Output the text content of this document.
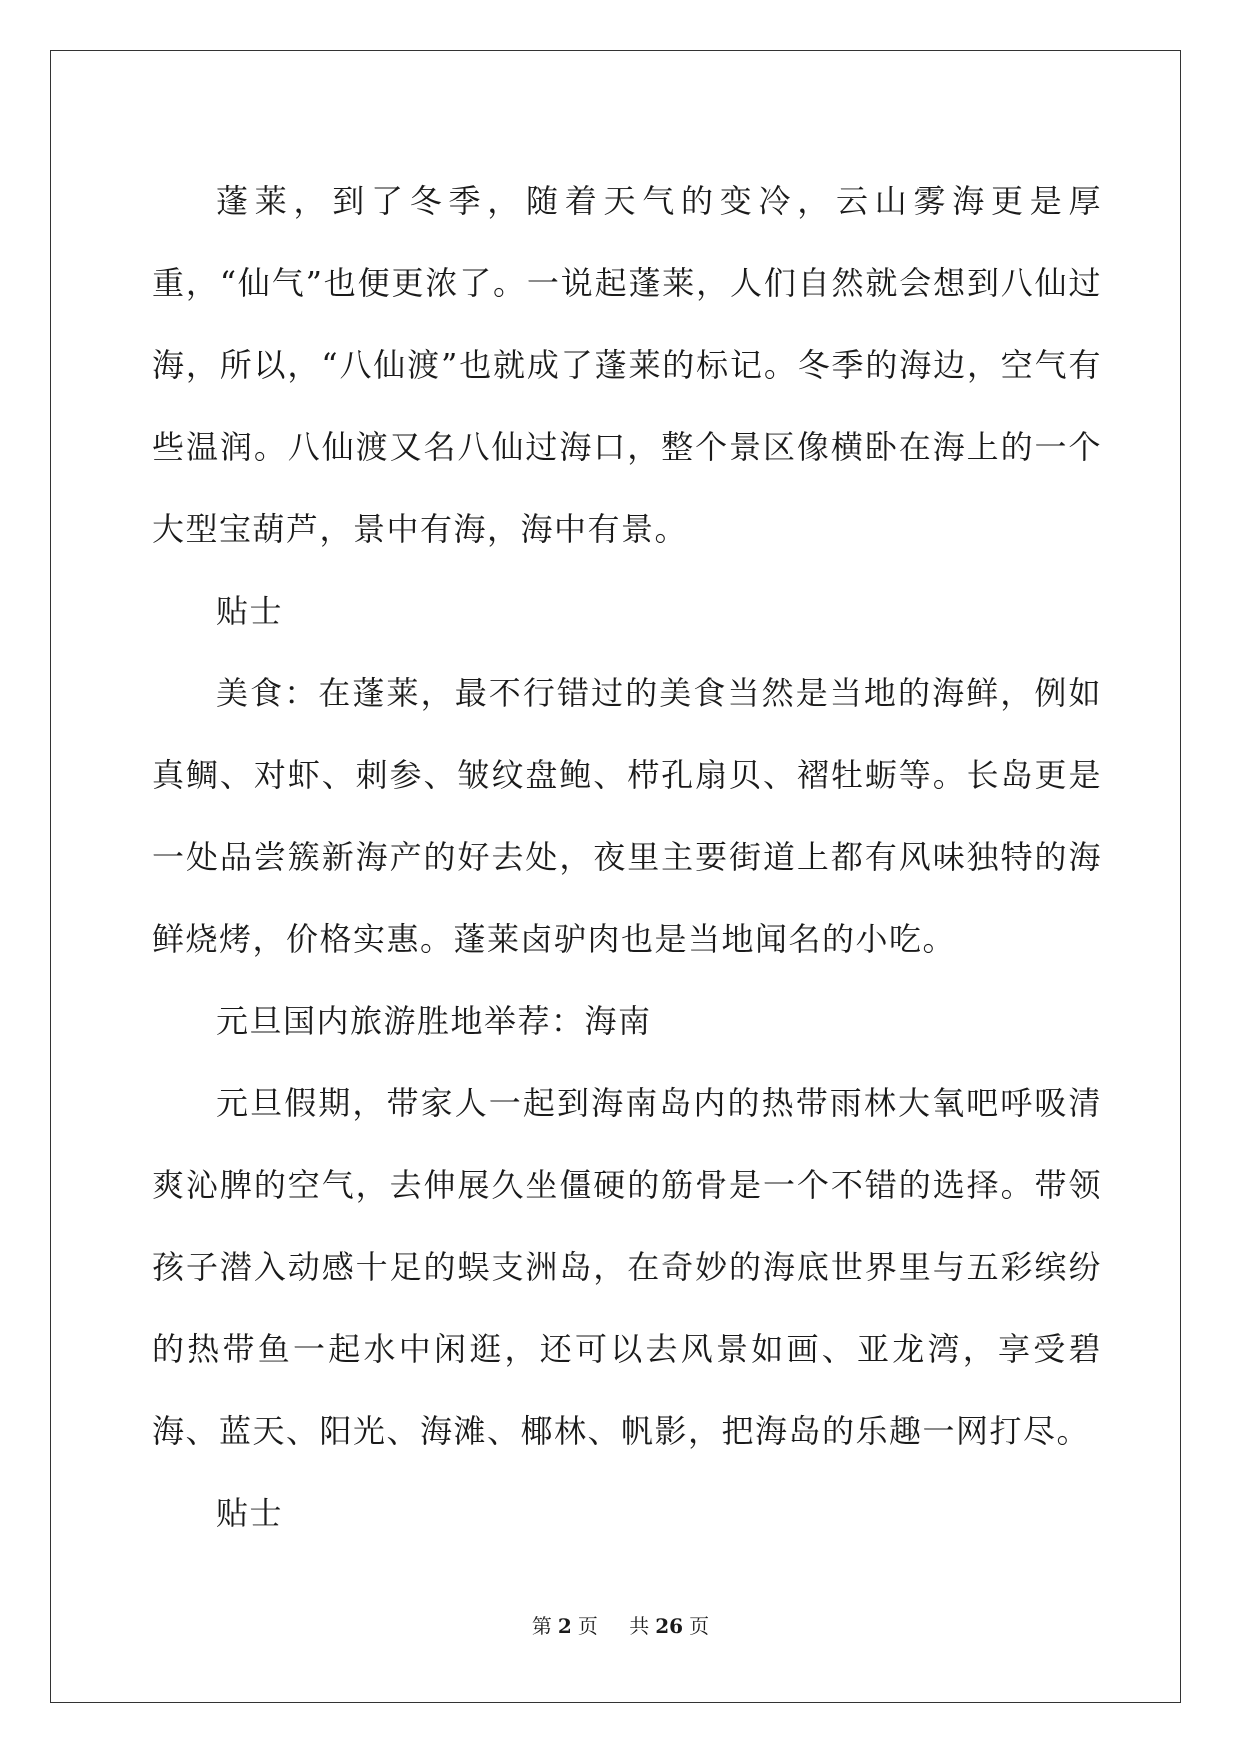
蓬莱，到了冬季，随着天气的变冷，云山雾海更是厚重，“仙气”也便更浓了。一说起蓬莱，人们自然就会想到八仙过海，所以，“八仙渡”也就成了蓬莱的标记。冬季的海边，空气有些温润。八仙渡又名八仙过海口，整个景区像横卧在海上的一个大型宝葫芦，景中有海，海中有景。

贴士

美食：在蓬莱，最不行错过的美食当然是当地的海鲜，例如真鲷、对虾、刺参、皱纹盘鲍、栉孔扇贝、褶牡蛎等。长岛更是一处品尝簇新海产的好去处，夜里主要街道上都有风味独特的海鲜烧烤，价格实惠。蓬莱卤驴肉也是当地闻名的小吃。

元旦国内旅游胜地举荐：海南

元旦假期，带家人一起到海南岛内的热带雨林大氧吧呼吸清爽沁脾的空气，去伸展久坐僵硬的筋骨是一个不错的选择。带领孩子潜入动感十足的蜈支洲岛，在奇妙的海底世界里与五彩缤纷的热带鱼一起水中闲逛，还可以去风景如画、亚龙湾，享受碧海、蓝天、阳光、海滩、椰林、帆影，把海岛的乐趣一网打尽。

贴士

第 2 页 共 26 页
